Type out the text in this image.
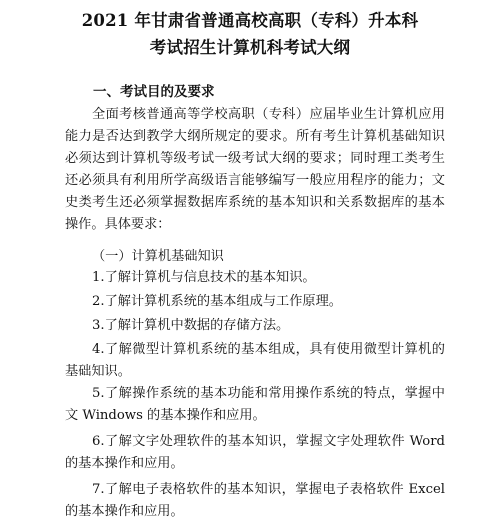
2021 年甘肃省普通高校高职（专科）升本科
考试招生计算机科考试大纲
一、考试目的及要求

全面考核普通高等学校高职（专科）应届毕业生计算机应用能力是否达到教学大纲所规定的要求。所有考生计算机基础知识必须达到计算机等级考试一级考试大纲的要求；同时理工类考生还必须具有利用所学高级语言能够编写一般应用程序的能力；文史类考生还必须掌握数据库系统的基本知识和关系数据库的基本操作。具体要求：

（一）计算机基础知识

1.了解计算机与信息技术的基本知识。

2.了解计算机系统的基本组成与工作原理。

3.了解计算机中数据的存储方法。

4.了解微型计算机系统的基本组成，具有使用微型计算机的基础知识。

5.了解操作系统的基本功能和常用操作系统的特点，掌握中文 Windows 的基本操作和应用。

6.了解文字处理软件的基本知识，掌握文字处理软件 Word 的基本操作和应用。

7.了解电子表格软件的基本知识，掌握电子表格软件 Excel 的基本操作和应用。
